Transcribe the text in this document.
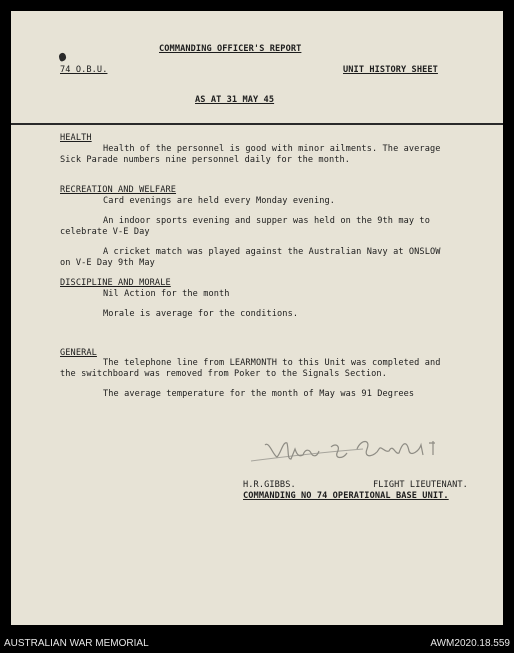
COMMANDING OFFICER'S REPORT
74 O.B.U.	UNIT HISTORY SHEET
AS AT 31 MAY 45
HEALTH
Health of the personnel is good with minor ailments. The average
Sick Parade numbers nine personnel daily for the month.
RECREATION AND WELFARE
Card evenings are held every Monday evening.
An indoor sports evening and supper was held on the 9th may to
celebrate V-E Day
A cricket match was played against the Australian Navy at ONSLOW
on V-E Day 9th May
DISCIPLINE AND MORALE
Nil Action for the month
Morale is average for the conditions.
GENERAL
The telephone line from LEARMONTH to this Unit was completed and
the switchboard was removed from Poker to the Signals Section.
The average temperature for the month of May was 91 Degrees
H.R.GIBBS.	FLIGHT LIEUTENANT.
COMMANDING NO 74 OPERATIONAL BASE UNIT.
AUSTRALIAN WAR MEMORIAL	AWM2020.18.559
